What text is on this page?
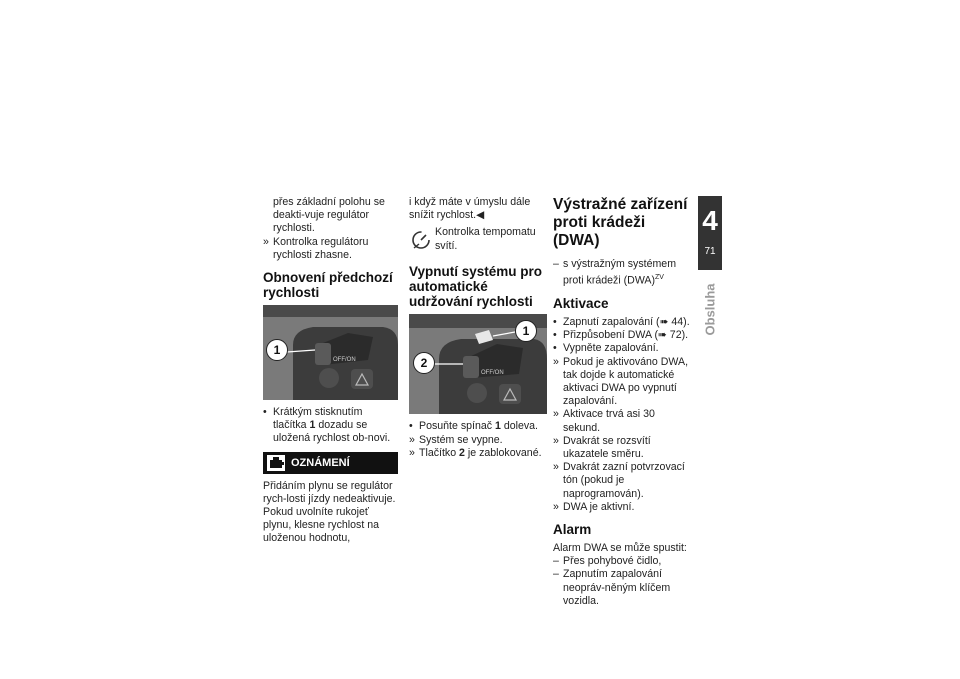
přes základní polohu se deakti-vuje regulátor rychlosti.

» Kontrolka regulátoru rychlosti zhasne.
Obnovení předchozí rychlosti
OFF/ON
1
• Krátkým stisknutím tlačítka 1 dozadu se uložená rychlost ob-novi.
OZNÁMENÍ

Přidáním plynu se regulátor rych-losti jízdy nedeaktivuje. Pokud uvolníte rukojeť plynu, klesne rychlost na uloženou hodnotu,

i když máte v úmyslu dále snížit rychlost.◀

Kontrolka tempomatu svítí.
Vypnutí systému pro automatické udržování rychlosti
OFF/ON
1
2
• Posuňte spínač 1 doleva.
» Systém se vypne.
» Tlačítko 2 je zablokované.
Výstražné zařízení proti krádeži (DWA)
– s výstražným systémem proti krádeži (DWA)$^{ZV}$
Aktivace
• Zapnutí zapalování (➠ 44).
• Přizpůsobení DWA (➠ 72).
• Vypněte zapalování.
» Pokud je aktivováno DWA, tak dojde k automatické aktivaci DWA po vypnutí zapalování.
» Aktivace trvá asi 30 sekund.
» Dvakrát se rozsvítí ukazatele směru.
» Dvakrát zazní potvrzovací tón (pokud je naprogramován).
» DWA je aktivní.
Alarm

Alarm DWA se může spustit:

– Přes pohybové čidlo,
– Zapnutím zapalování neopráv-něným klíčem vozidla.
4
71
Obsluha
